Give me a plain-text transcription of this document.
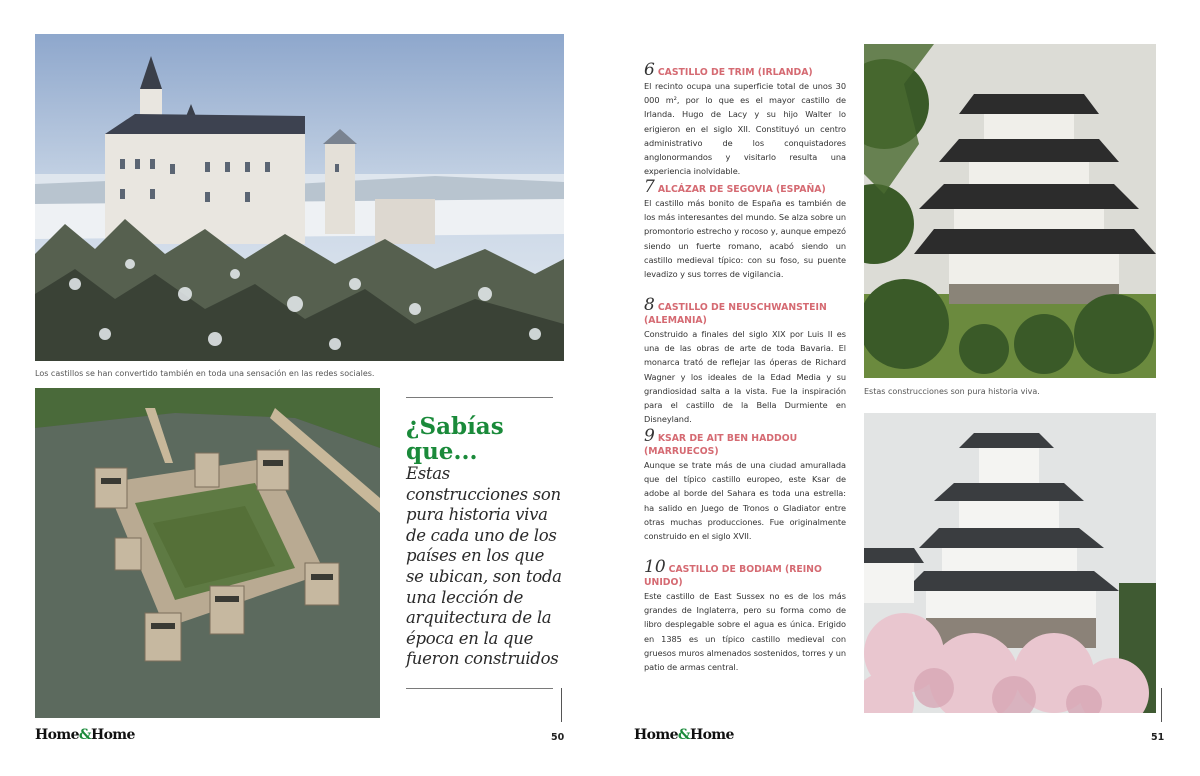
Los castillos se han convertido también en toda una sensación en las redes sociales.
¿Sabías que...

Estas construcciones son pura historia viva de cada uno de los países en los que se ubican, son toda una lección de arquitectura de la época en la que fueron construidos

Home&Home	50
6 CASTILLO DE TRIM (IRLANDA)
El recinto ocupa una superficie total de unos 30 000 m², por lo que es el mayor castillo de Irlanda. Hugo de Lacy y su hijo Walter lo erigieron en el siglo XII. Constituyó un centro administrativo de los conquistadores anglonormandos y visitarlo resulta una experiencia inolvidable.
7 ALCÁZAR DE SEGOVIA (ESPAÑA)
El castillo más bonito de España es también de los más interesantes del mundo. Se alza sobre un promontorio estrecho y rocoso y, aunque empezó siendo un fuerte romano, acabó siendo un castillo medieval típico: con su foso, su puente levadizo y sus torres de vigilancia.
8 CASTILLO DE NEUSCHWANSTEIN (ALEMANIA)
Construido a finales del siglo XIX por Luis II es una de las obras de arte de toda Bavaria. El monarca trató de reflejar las óperas de Richard Wagner y los ideales de la Edad Media y su grandiosidad salta a la vista. Fue la inspiración para el castillo de la Bella Durmiente en Disneyland.
9 KSAR DE AIT BEN HADDOU (MARRUECOS)
Aunque se trate más de una ciudad amurallada que del típico castillo europeo, este Ksar de adobe al borde del Sahara es toda una estrella: ha salido en Juego de Tronos o Gladiator entre otras muchas producciones. Fue originalmente construido en el siglo XVII.
10 CASTILLO DE BODIAM (REINO UNIDO)
Este castillo de East Sussex no es de los más grandes de Inglaterra, pero su forma como de libro desplegable sobre el agua es única. Erigido en 1385 es un típico castillo medieval con gruesos muros almenados sostenidos, torres y un patio de armas central.
Estas construcciones son pura historia viva.
Home&Home	51
